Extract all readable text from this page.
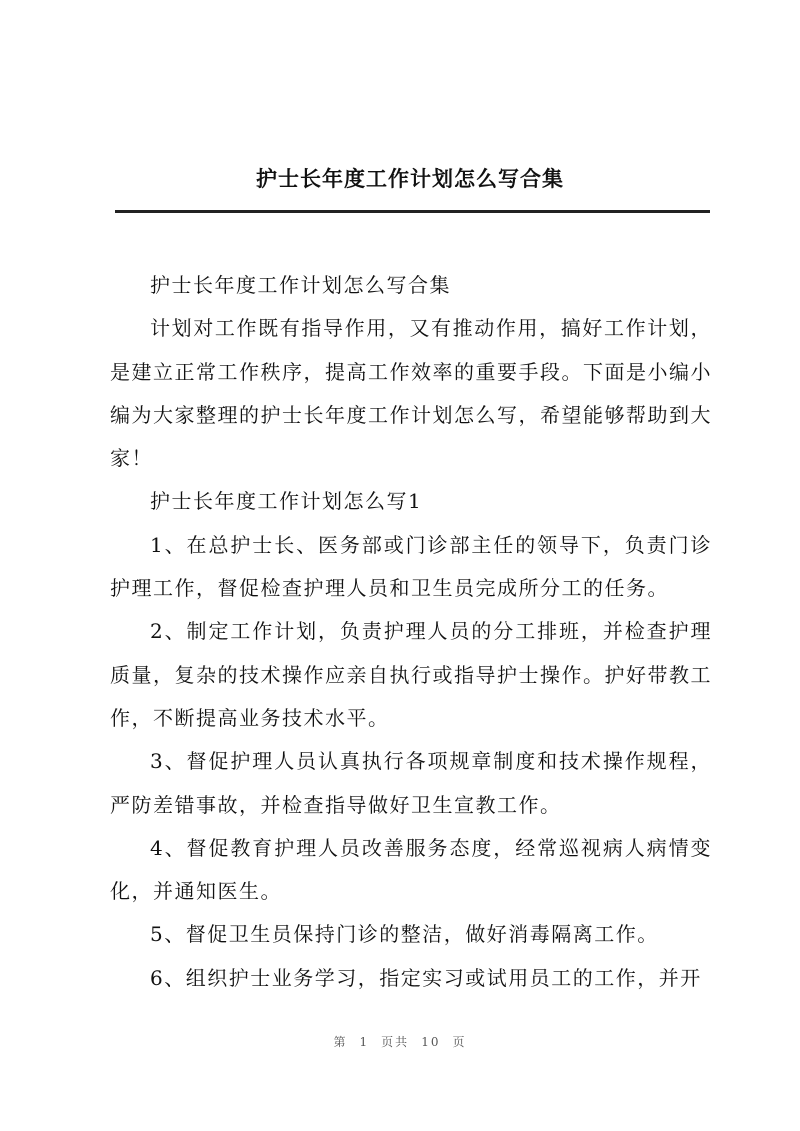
护士长年度工作计划怎么写合集

护士长年度工作计划怎么写合集

计划对工作既有指导作用，又有推动作用，搞好工作计划，是建立正常工作秩序，提高工作效率的重要手段。下面是小编小编为大家整理的护士长年度工作计划怎么写，希望能够帮助到大家！

护士长年度工作计划怎么写1

1、在总护士长、医务部或门诊部主任的领导下，负责门诊护理工作，督促检查护理人员和卫生员完成所分工的任务。

2、制定工作计划，负责护理人员的分工排班，并检查护理质量，复杂的技术操作应亲自执行或指导护士操作。护好带教工作，不断提高业务技术水平。

3、督促护理人员认真执行各项规章制度和技术操作规程，严防差错事故，并检查指导做好卫生宣教工作。

4、督促教育护理人员改善服务态度，经常巡视病人病情变化，并通知医生。

5、督促卫生员保持门诊的整洁，做好消毒隔离工作。

6、组织护士业务学习，指定实习或试用员工的工作，并开

第 1 页共 10 页
